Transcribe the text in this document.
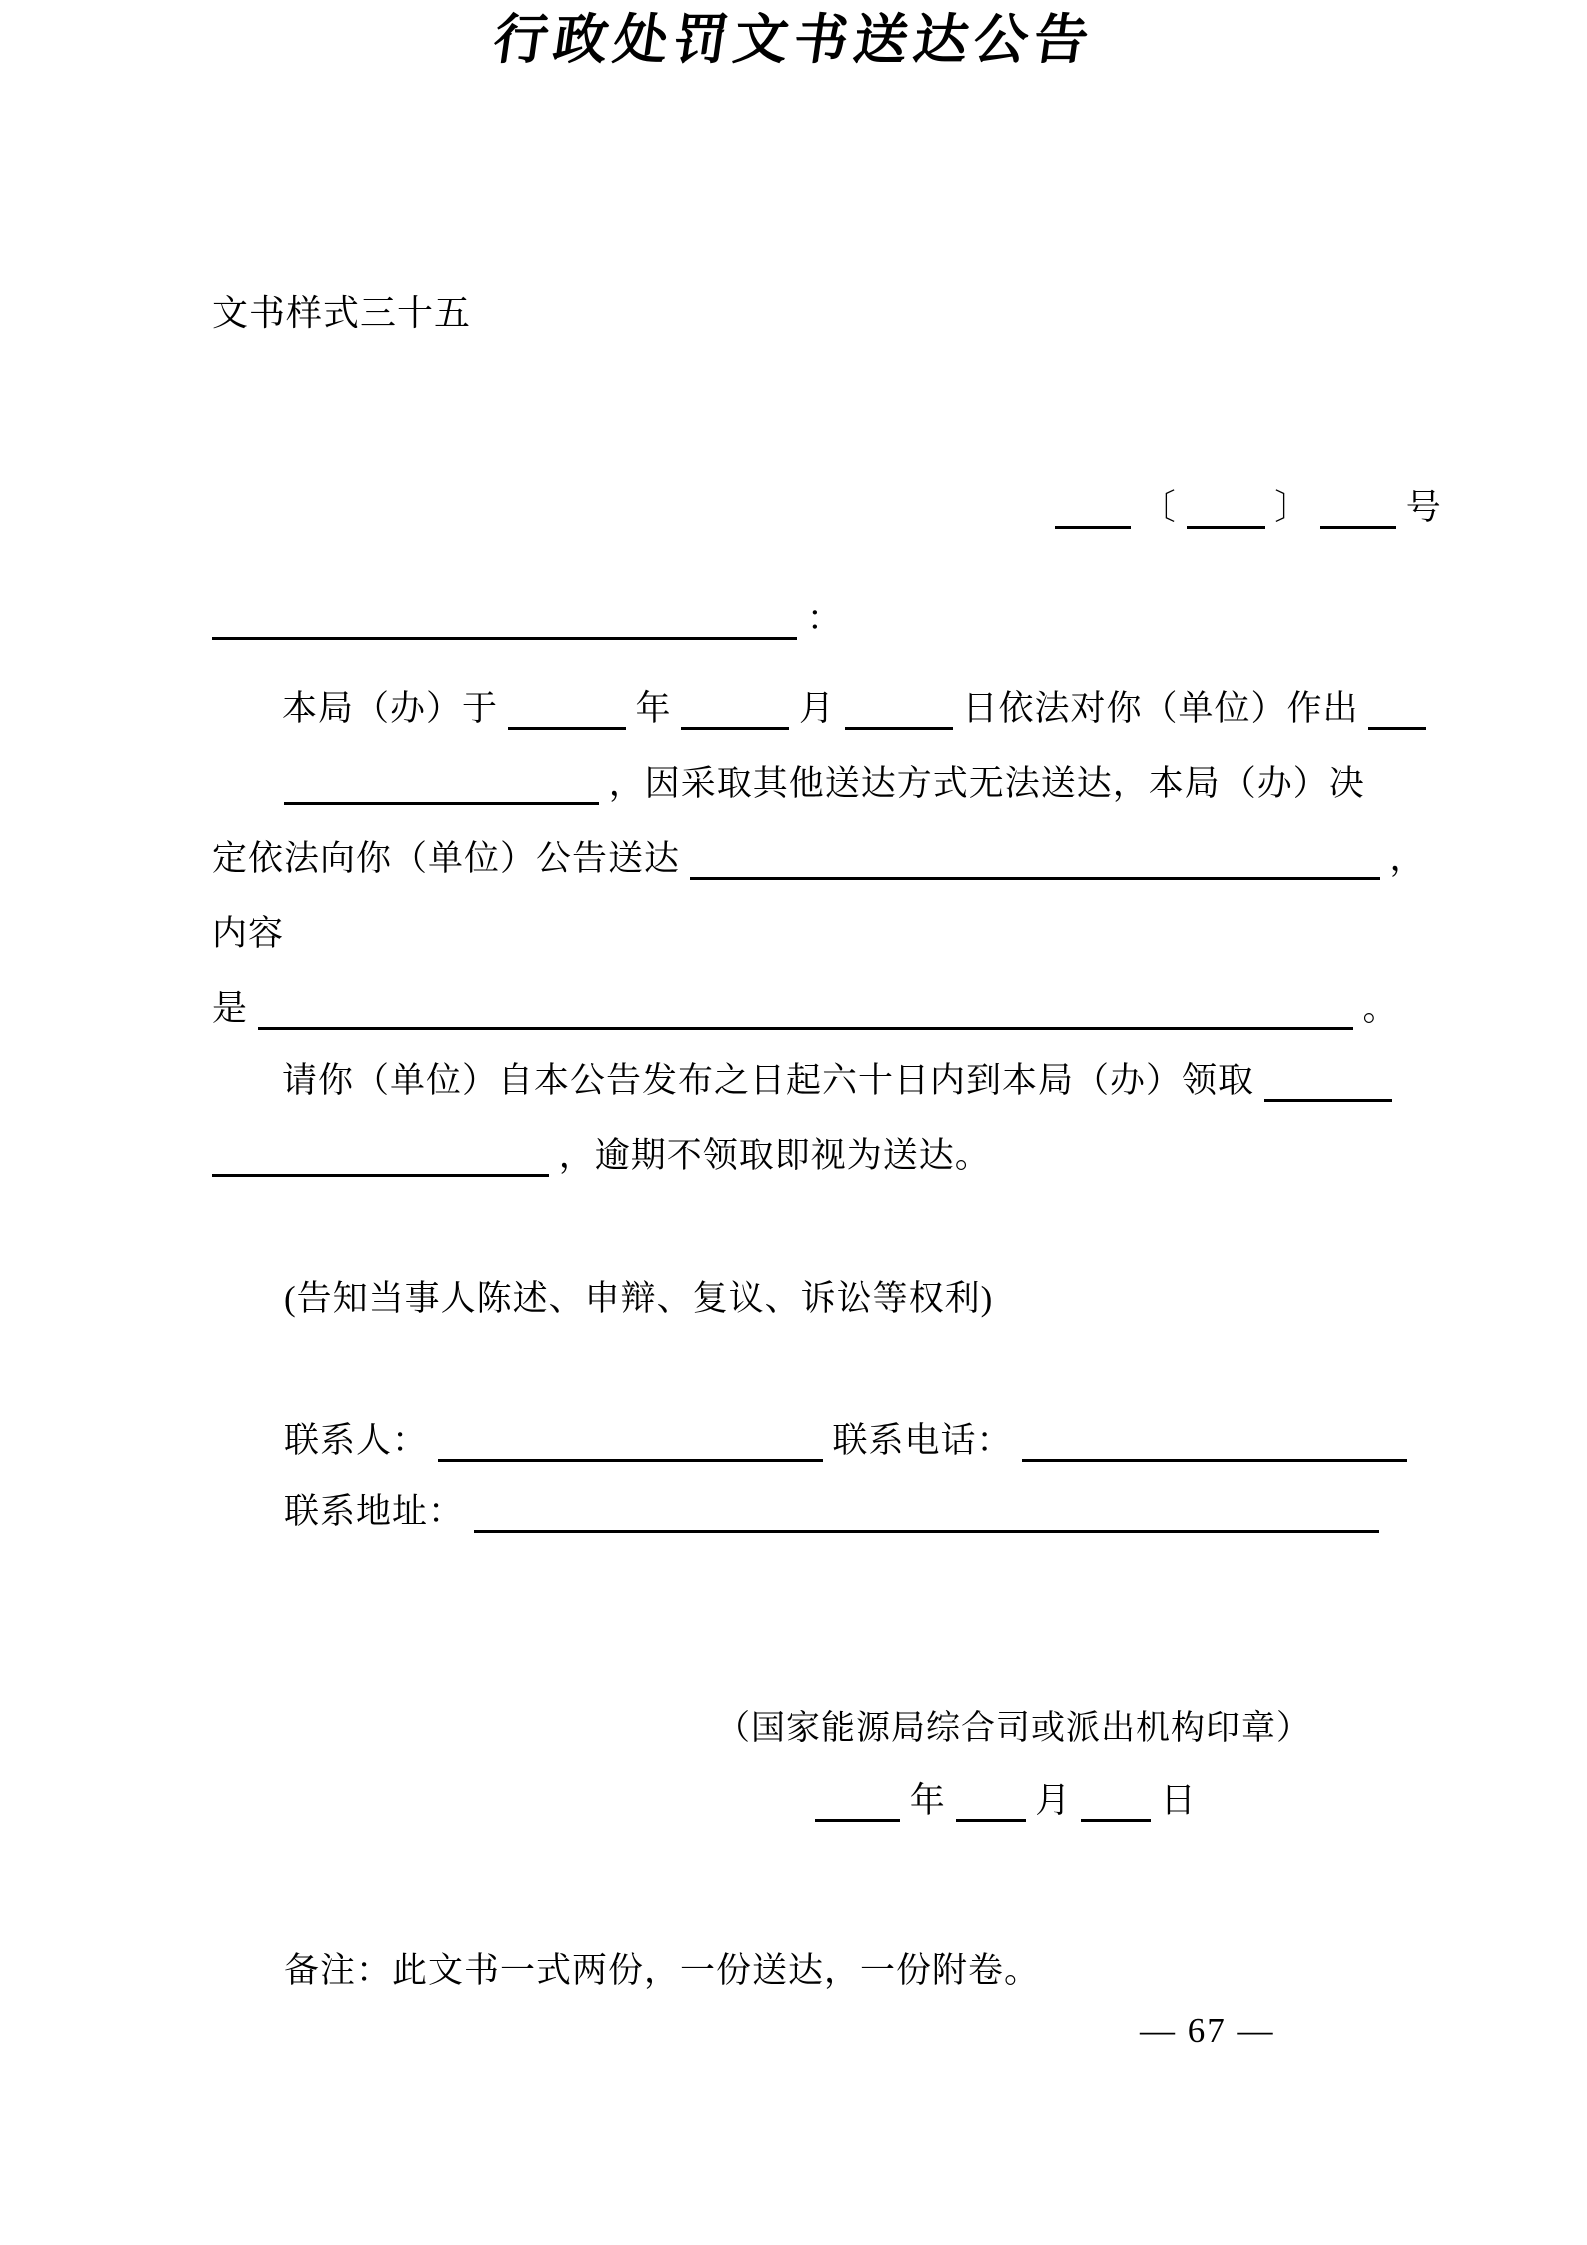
文书样式三十五
行政处罚文书送达公告
〔	〕	号
：
本局（办）于	年	月	日依法对你（单位）作出
，因采取其他送达方式无法送达，本局（办）决
定依法向你（单位）公告送达	，
内容
是	。
请你（单位）自本公告发布之日起六十日内到本局（办）领取
，逾期不领取即视为送达。
(告知当事人陈述、申辩、复议、诉讼等权利)
联系人：	联系电话：
联系地址：
（国家能源局综合司或派出机构印章）
年	月	日
备注：此文书一式两份，一份送达，一份附卷。
— 67 —
